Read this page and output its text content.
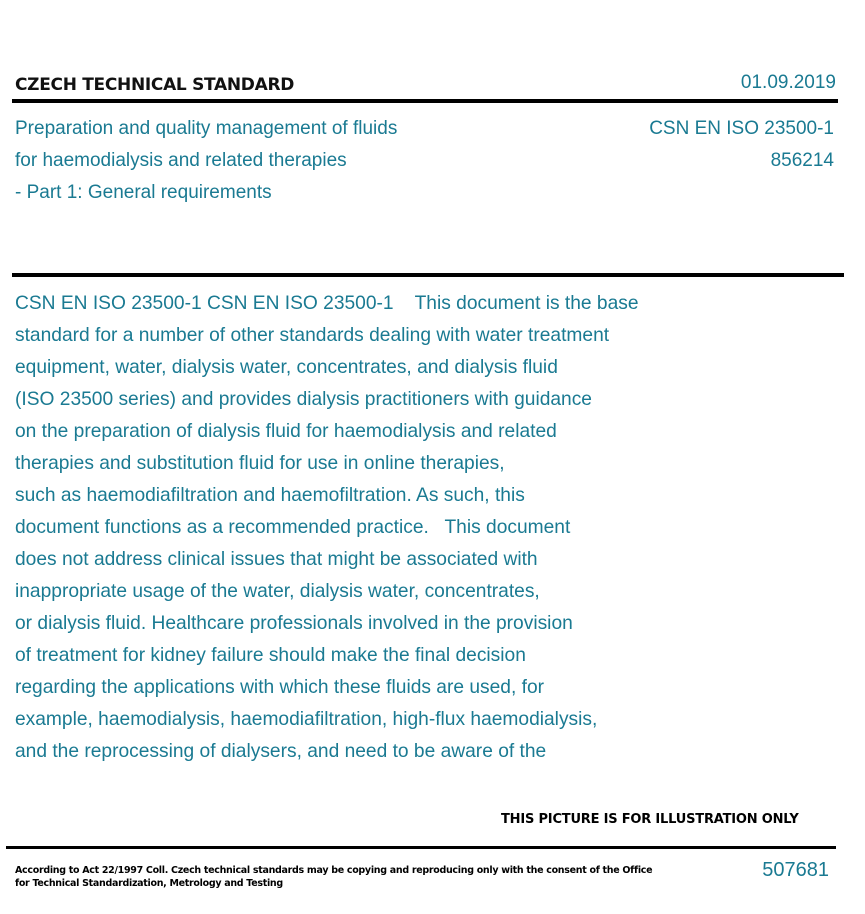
CZECH TECHNICAL STANDARD	01.09.2019
Preparation and quality management of fluids
for haemodialysis and related therapies
- Part 1: General requirements
CSN EN ISO 23500-1
856214
CSN EN ISO 23500-1 CSN EN ISO 23500-1    This document is the base
standard for a number of other standards dealing with water treatment
equipment, water, dialysis water, concentrates, and dialysis fluid
(ISO 23500 series) and provides dialysis practitioners with guidance
on the preparation of dialysis fluid for haemodialysis and related
therapies and substitution fluid for use in online therapies,
such as haemodiafiltration and haemofiltration. As such, this
document functions as a recommended practice.   This document
does not address clinical issues that might be associated with
inappropriate usage of the water, dialysis water, concentrates,
or dialysis fluid. Healthcare professionals involved in the provision
of treatment for kidney failure should make the final decision
regarding the applications with which these fluids are used, for
example, haemodialysis, haemodiafiltration, high-flux haemodialysis,
and the reprocessing of dialysers, and need to be aware of the
THIS PICTURE IS FOR ILLUSTRATION ONLY
According to Act 22/1997 Coll. Czech technical standards may be copying and reproducing only with the consent of the Office
for Technical Standardization, Metrology and Testing
507681
